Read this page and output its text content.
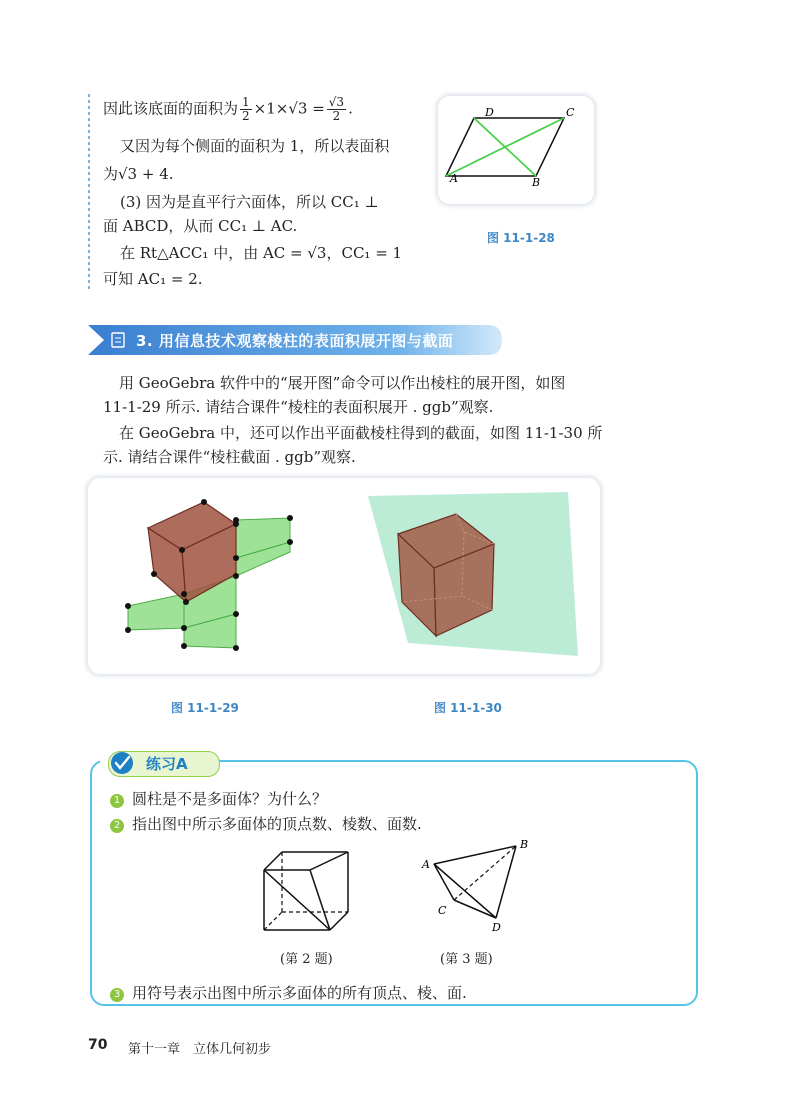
因此该底面的面积为 $\frac{1}{2} \times 1\times√3 = \frac{√3}{2}$ .
又因为每个侧面的面积为 1，所以表面积
为√3 + 4.
(3) 因为是直平行六面体，所以 CC₁ ⊥
面 ABCD，从而 CC₁ ⊥ AC.
在 Rt△ACC₁ 中，由 AC = √3，CC₁ = 1
可知 AC₁ = 2.
D	C
A	B
图 11-1-28
3. 用信息技术观察棱柱的表面积展开图与截面
用 GeoGebra 软件中的“展开图”命令可以作出棱柱的展开图，如图
11-1-29 所示. 请结合课件“棱柱的表面积展开 . ggb”观察.
在 GeoGebra 中，还可以作出平面截棱柱得到的截面，如图 11-1-30 所
示. 请结合课件“棱柱截面 . ggb”观察.
图 11-1-29	图 11-1-30
练习A
1 圆柱是不是多面体？为什么？
2 指出图中所示多面体的顶点数、棱数、面数.
(第 2 题)
A
B
C
D
(第 3 题)
3 用符号表示出图中所示多面体的所有顶点、棱、面.
70 第十一章　立体几何初步
